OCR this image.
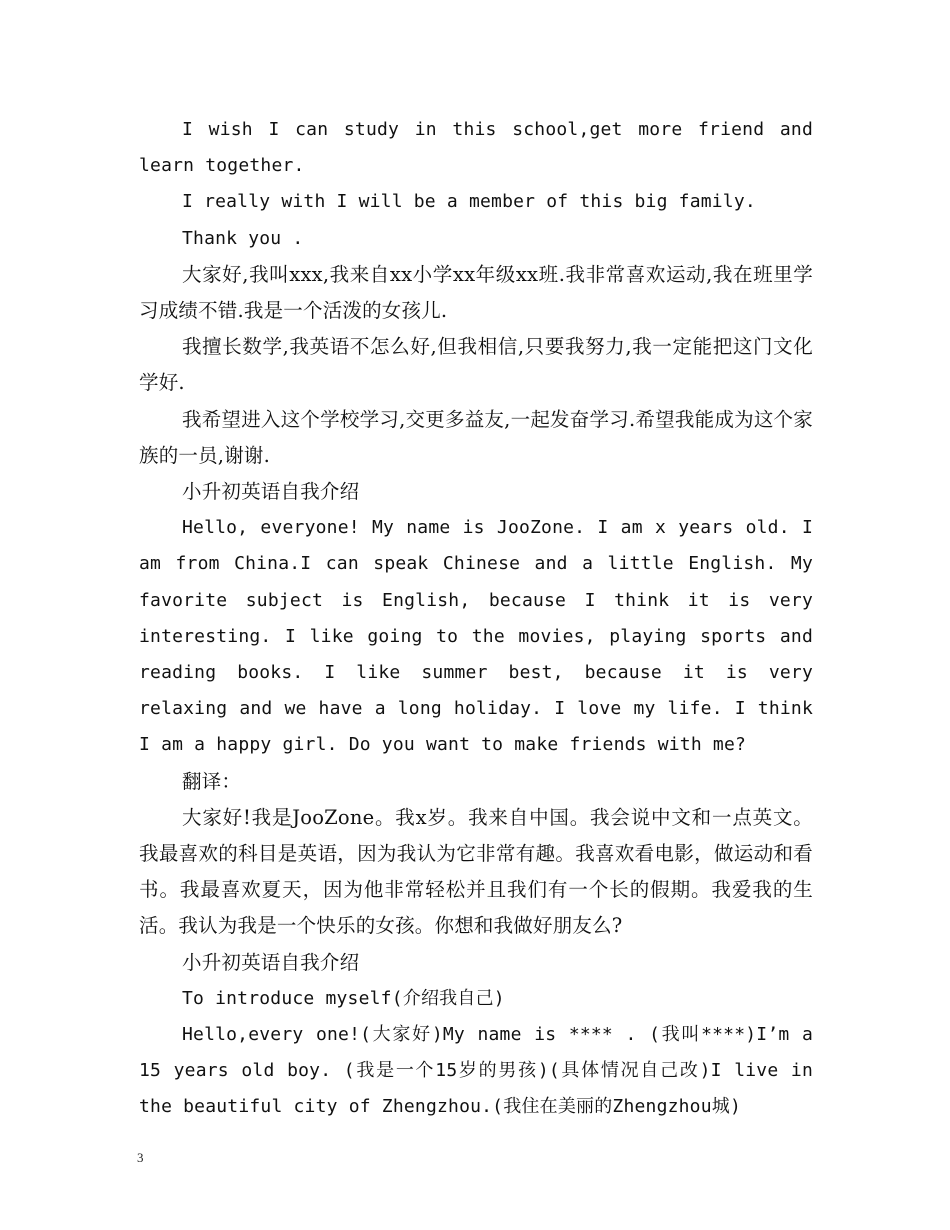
I wish I can study in this school,get more friend and learn together.

I really with I will be a member of this big family.

Thank you .

大家好,我叫xxx,我来自xx小学xx年级xx班.我非常喜欢运动,我在班里学习成绩不错.我是一个活泼的女孩儿.

我擅长数学,我英语不怎么好,但我相信,只要我努力,我一定能把这门文化学好.

我希望进入这个学校学习,交更多益友,一起发奋学习.希望我能成为这个家族的一员,谢谢.

小升初英语自我介绍

Hello, everyone! My name is JooZone. I am x years old. I am from China.I can speak Chinese and a little English. My favorite subject is English, because I think it is very interesting. I like going to the movies, playing sports and reading books. I like summer best, because it is very relaxing and we have a long holiday. I love my life. I think I am a happy girl. Do you want to make friends with me?

翻译：

大家好!我是JooZone。我x岁。我来自中国。我会说中文和一点英文。我最喜欢的科目是英语，因为我认为它非常有趣。我喜欢看电影，做运动和看书。我最喜欢夏天，因为他非常轻松并且我们有一个长的假期。我爱我的生活。我认为我是一个快乐的女孩。你想和我做好朋友么?

小升初英语自我介绍

To introduce myself(介绍我自己)

Hello,every one!(大家好)My name is **** . (我叫****)I’m a 15 years old boy. (我是一个15岁的男孩)(具体情况自己改)I live in the beautiful city of Zhengzhou.(我住在美丽的Zhengzhou城)

3
